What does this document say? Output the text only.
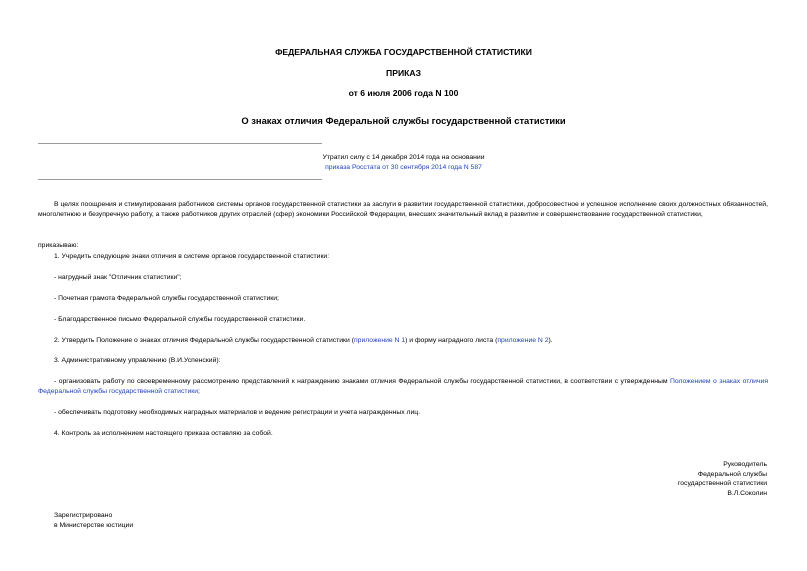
ФЕДЕРАЛЬНАЯ СЛУЖБА ГОСУДАРСТВЕННОЙ СТАТИСТИКИ
ПРИКАЗ
от 6 июля 2006 года N 100
О знаках отличия Федеральной службы государственной статистики
Утратил силу с 14 декабря 2014 года на основании
приказа Росстата от 30 сентября 2014 года N 587
В целях поощрения и стимулирования работников системы органов государственной статистики за заслуги в развитии государственной статистики, добросовестное и успешное исполнение своих должностных обязанностей, многолетнюю и безупречную работу, а также работников других отраслей (сфер) экономики Российской Федерации, внесших значительный вклад в развитие и совершенствование государственной статистики,
приказываю:
1. Учредить следующие знаки отличия в системе органов государственной статистики:
- нагрудный знак "Отличник статистики";
- Почетная грамота Федеральной службы государственной статистики;
- Благодарственное письмо Федеральной службы государственной статистики.
2. Утвердить Положение о знаках отличия Федеральной службы государственной статистики (приложение N 1) и форму наградного листа (приложение N 2).
3. Административному управлению (В.И.Успенский):
- организовать работу по своевременному рассмотрению представлений к награждению знаками отличия Федеральной службы государственной статистики, в соответствии с утвержденным Положением о знаках отличия Федеральной службы государственной статистики;
- обеспечивать подготовку необходимых наградных материалов и ведение регистрации и учета награжденных лиц.
4. Контроль за исполнением настоящего приказа оставляю за собой.
Руководитель
Федеральной службы
государственной статистики
В.Л.Соколин
Зарегистрировано
в Министерстве юстиции
